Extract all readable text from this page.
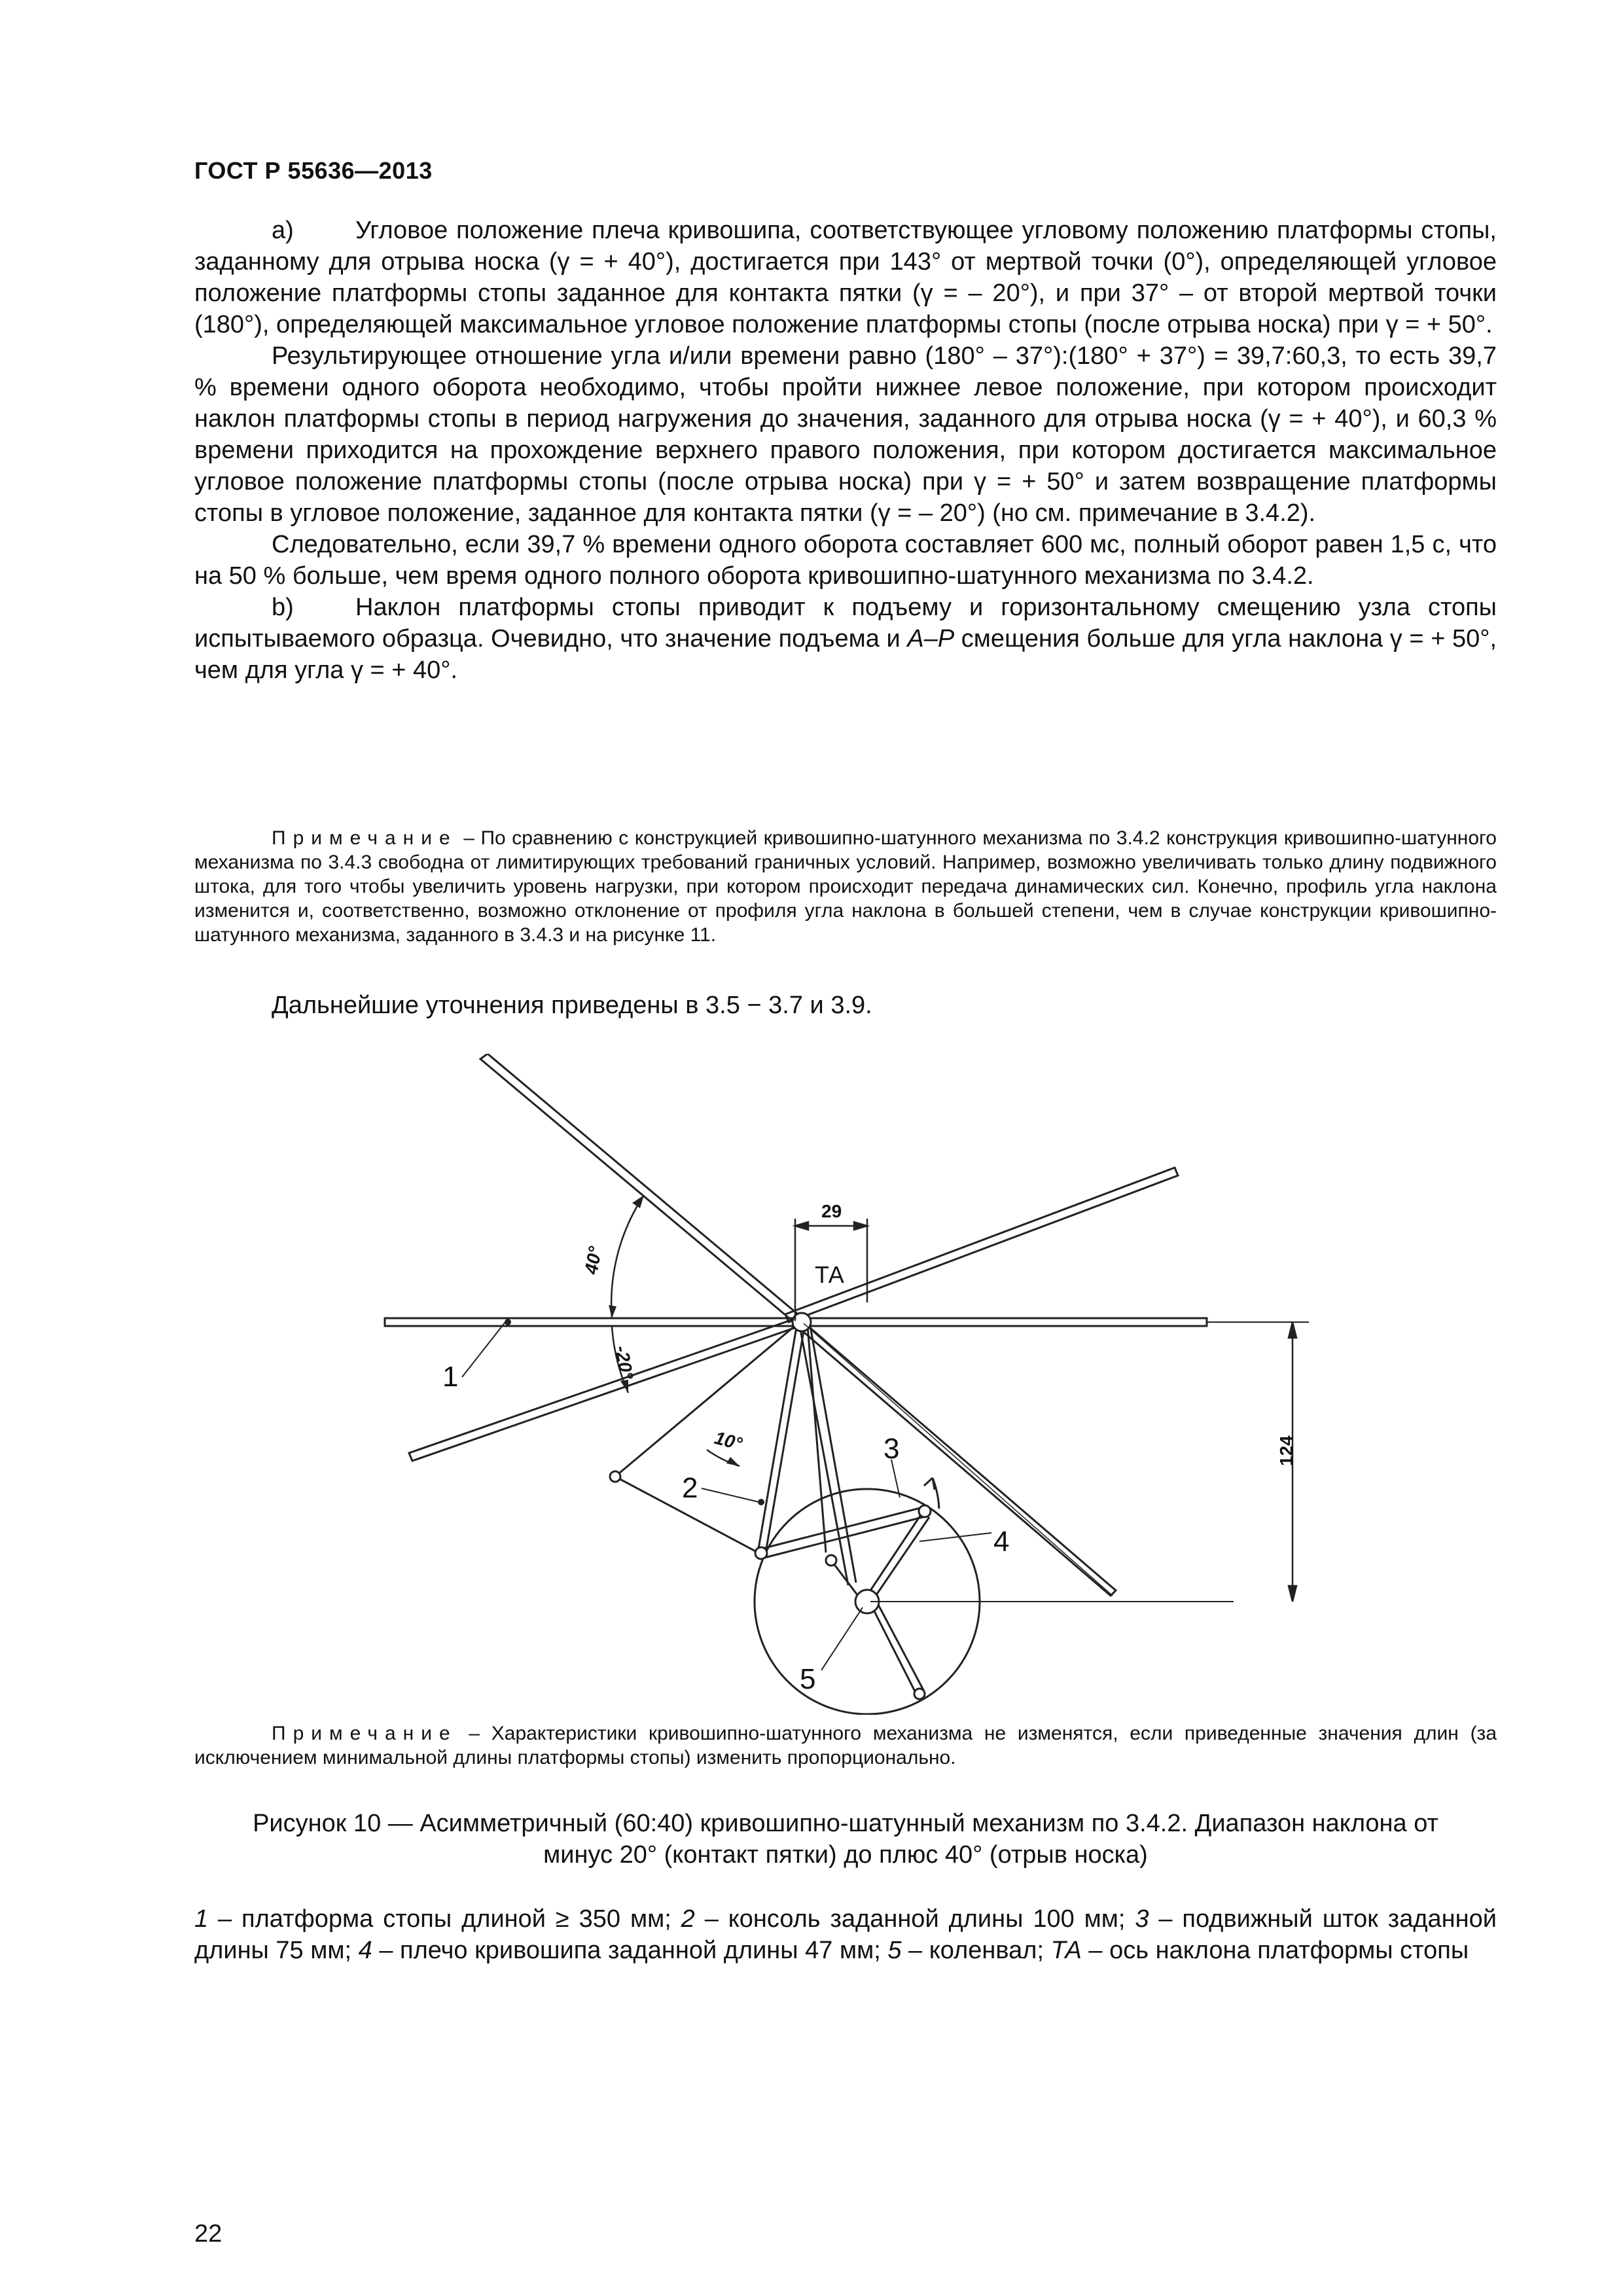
ГОСТ Р 55636—2013

а) Угловое положение плеча кривошипа, соответствующее угловому положению платформы стопы, заданному для отрыва носка (γ = + 40°), достигается при 143° от мертвой точки (0°), определяющей угловое положение платформы стопы заданное для контакта пятки (γ = – 20°), и при 37° – от второй мертвой точки (180°), определяющей максимальное угловое положение платформы стопы (после отрыва носка) при γ = + 50°.

Результирующее отношение угла и/или времени равно (180° – 37°):(180° + 37°) = 39,7:60,3, то есть 39,7 % времени одного оборота необходимо, чтобы пройти нижнее левое положение, при котором происходит наклон платформы стопы в период нагружения до значения, заданного для отрыва носка (γ = + 40°), и 60,3 % времени приходится на прохождение верхнего правого положения, при котором достигается максимальное угловое положение платформы стопы (после отрыва носка) при γ = + 50° и затем возвращение платформы стопы в угловое положение, заданное для контакта пятки (γ = – 20°) (но см. примечание в 3.4.2).

Следовательно, если 39,7 % времени одного оборота составляет 600 мс, полный оборот равен 1,5 с, что на 50 % больше, чем время одного полного оборота кривошипно-шатунного механизма по 3.4.2.

b) Наклон платформы стопы приводит к подъему и горизонтальному смещению узла стопы испытываемого образца. Очевидно, что значение подъема и А–Р смещения больше для угла наклона γ = + 50°, чем для угла γ = + 40°.

Примечание – По сравнению с конструкцией кривошипно-шатунного механизма по 3.4.2 конструкция кривошипно-шатунного механизма по 3.4.3 свободна от лимитирующих требований граничных условий. Например, возможно увеличивать только длину подвижного штока, для того чтобы увеличить уровень нагрузки, при котором происходит передача динамических сил. Конечно, профиль угла наклона изменится и, соответственно, возможно отклонение от профиля угла наклона в большей степени, чем в случае конструкции кривошипно-шатунного механизма, заданного в 3.4.3 и на рисунке 11.

Дальнейшие уточнения приведены в 3.5 − 3.7 и 3.9.

29
124
ТА
40°
-20°
10°
1
2
3
4
5

Примечание – Характеристики кривошипно-шатунного механизма не изменятся, если приведенные значения длин (за исключением минимальной длины платформы стопы) изменить пропорционально.

Рисунок 10 — Асимметричный (60:40) кривошипно-шатунный механизм по 3.4.2. Диапазон наклона от
минус 20° (контакт пятки) до плюс 40° (отрыв носка)
1 – платформа стопы длиной ≥ 350 мм; 2 – консоль заданной длины 100 мм; 3 – подвижный шток заданной длины 75 мм; 4 – плечо кривошипа заданной длины 47 мм; 5 – коленвал; ТА – ось наклона платформы стопы
22
